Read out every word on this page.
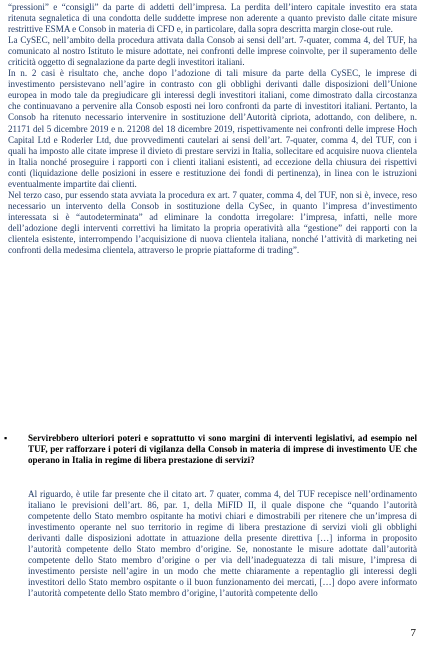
“pressioni” e “consigli” da parte di addetti dell’impresa. La perdita dell’intero capitale investito era stata ritenuta segnaletica di una condotta delle suddette imprese non aderente a quanto previsto dalle citate misure restrittive ESMA e Consob in materia di CFD e, in particolare, dalla sopra descritta margin close-out rule.

La CySEC, nell’ambito della procedura attivata dalla Consob ai sensi dell’art. 7-quater, comma 4, del TUF, ha comunicato al nostro Istituto le misure adottate, nei confronti delle imprese coinvolte, per il superamento delle criticità oggetto di segnalazione da parte degli investitori italiani.

In n. 2 casi è risultato che, anche dopo l’adozione di tali misure da parte della CySEC, le imprese di investimento persistevano nell’agire in contrasto con gli obblighi derivanti dalle disposizioni dell’Unione europea in modo tale da pregiudicare gli interessi degli investitori italiani, come dimostrato dalla circostanza che continuavano a pervenire alla Consob esposti nei loro confronti da parte di investitori italiani. Pertanto, la Consob ha ritenuto necessario intervenire in sostituzione dell’Autorità cipriota, adottando, con delibere, n. 21171 del 5 dicembre 2019 e n. 21208 del 18 dicembre 2019, rispettivamente nei confronti delle imprese Hoch Capital Ltd e Roderler Ltd, due provvedimenti cautelari ai sensi dell’art. 7-quater, comma 4, del TUF, con i quali ha imposto alle citate imprese il divieto di prestare servizi in Italia, sollecitare ed acquisire nuova clientela in Italia nonché proseguire i rapporti con i clienti italiani esistenti, ad eccezione della chiusura dei rispettivi conti (liquidazione delle posizioni in essere e restituzione dei fondi di pertinenza), in linea con le istruzioni eventualmente impartite dai clienti.

Nel terzo caso, pur essendo stata avviata la procedura ex art. 7 quater, comma 4, del TUF, non si è, invece, reso necessario un intervento della Consob in sostituzione della CySec, in quanto l’impresa d’investimento interessata si è “autodeterminata” ad eliminare la condotta irregolare: l’impresa, infatti, nelle more dell’adozione degli interventi correttivi ha limitato la propria operatività alla “gestione” dei rapporti con la clientela esistente, interrompendo l’acquisizione di nuova clientela italiana, nonché l’attività di marketing nei confronti della medesima clientela, attraverso le proprie piattaforme di trading”.

▪ Servirebbero ulteriori poteri e soprattutto vi sono margini di interventi legislativi, ad esempio nel TUF, per rafforzare i poteri di vigilanza della Consob in materia di imprese di investimento UE che operano in Italia in regime di libera prestazione di servizi?
Al riguardo, è utile far presente che il citato art. 7 quater, comma 4, del TUF recepisce nell’ordinamento italiano le previsioni dell’art. 86, par. 1, della MiFID II, il quale dispone che “quando l’autorità competente dello Stato membro ospitante ha motivi chiari e dimostrabili per ritenere che un’impresa di investimento operante nel suo territorio in regime di libera prestazione di servizi violi gli obblighi derivanti dalle disposizioni adottate in attuazione della presente direttiva […] informa in proposito l’autorità competente dello Stato membro d’origine. Se, nonostante le misure adottate dall’autorità competente dello Stato membro d’origine o per via dell’inadeguatezza di tali misure, l’impresa di investimento persiste nell’agire in un modo che mette chiaramente a repentaglio gli interessi degli investitori dello Stato membro ospitante o il buon funzionamento dei mercati, […] dopo avere informato l’autorità competente dello Stato membro d’origine, l’autorità competente dello
7
